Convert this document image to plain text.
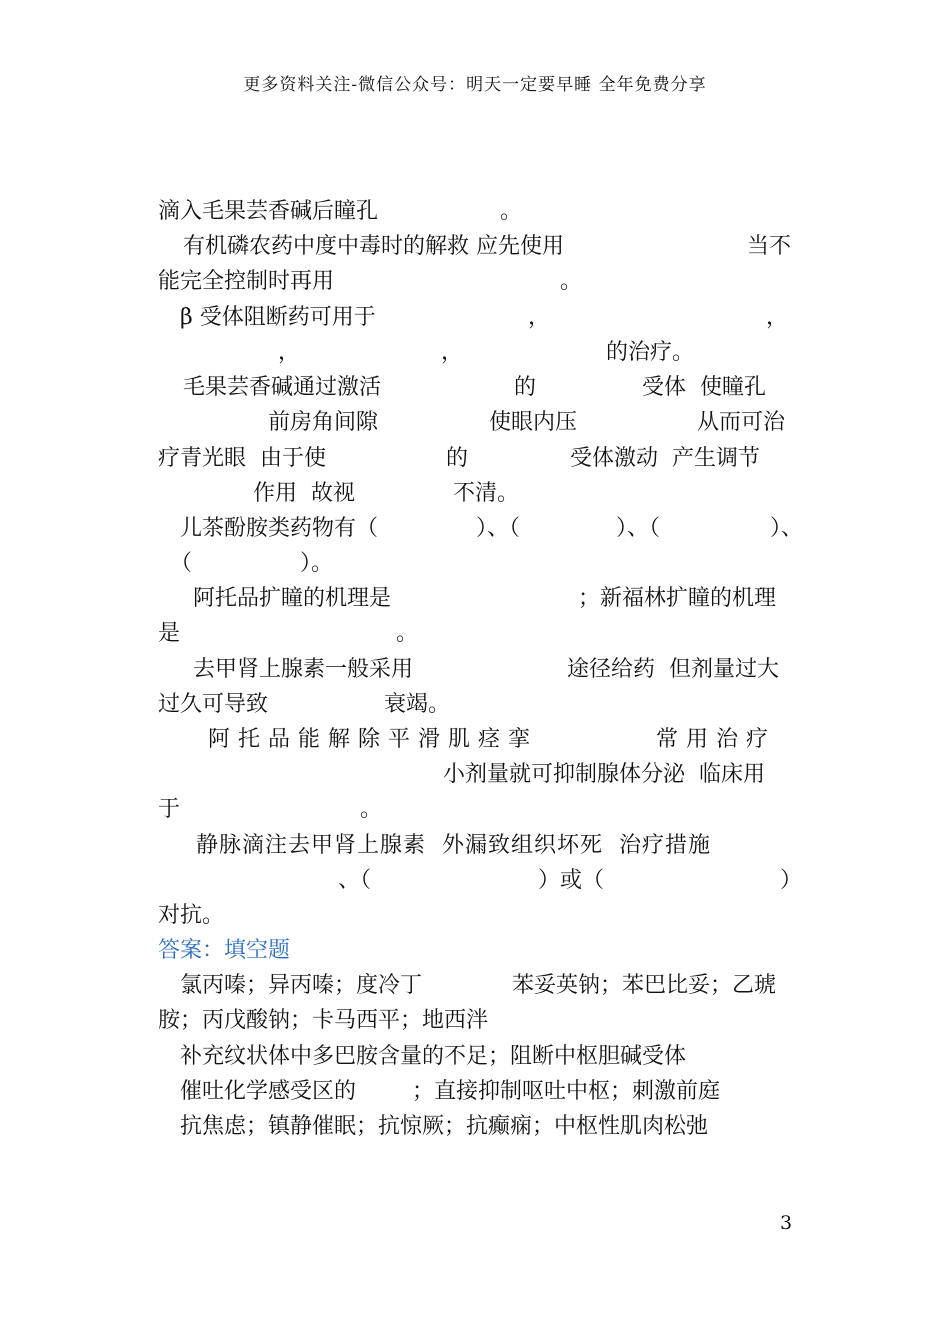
更多资料关注-微信公众号：明天一定要早睡 全年免费分享
滴入毛果芸香碱后瞳孔	。
有机磷农药中度中毒时的解救 应先使用	当不
能完全控制时再用	。
β 受体阻断药可用于	，	，
，	，	的治疗。
毛果芸香碱通过激活	的	受体  使瞳孔
前房角间隙	使眼内压	从而可治
疗青光眼  由于使	的	受体激动  产生调节
作用  故视	不清。
儿茶酚胺类药物有（	）、（	）、（	）、
（	）。
阿托品扩瞳的机理是	；新福林扩瞳的机理
是	。
去甲肾上腺素一般采用	途径给药  但剂量过大
过久可导致	衰竭。
阿托品能解除平滑肌痉挛	常用治疗
小剂量就可抑制腺体分泌  临床用
于	。
静脉滴注去甲肾上腺素  外漏致组织坏死  治疗措施
、（	）或（	）
对抗。
答案：填空题
氯丙嗪；异丙嗪；度冷丁	苯妥英钠；苯巴比妥；乙琥
胺；丙戊酸钠；卡马西平；地西泮
补充纹状体中多巴胺含量的不足；阻断中枢胆碱受体
催吐化学感受区的	；直接抑制呕吐中枢；刺激前庭
抗焦虑；镇静催眠；抗惊厥；抗癫痫；中枢性肌肉松弛
3
